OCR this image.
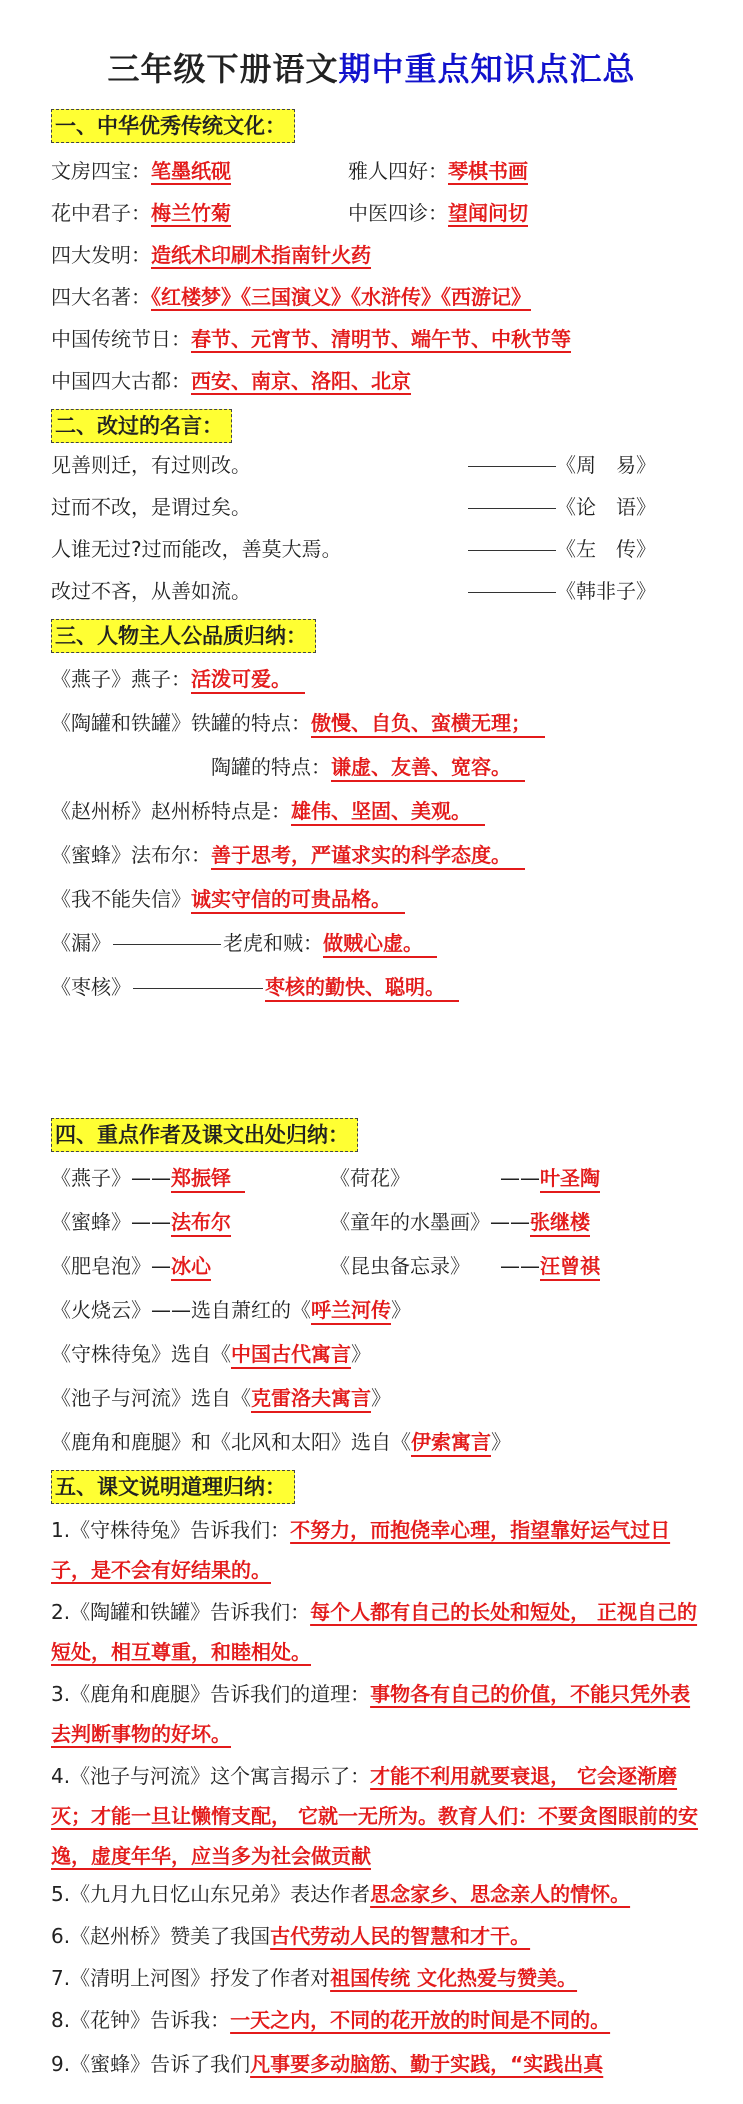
三年级下册语文期中重点知识点汇总
一、中华优秀传统文化：
文房四宝：笔墨纸砚	雅人四好：琴棋书画
花中君子：梅兰竹菊	中医四诊：望闻问切
四大发明：造纸术印刷术指南针火药
四大名著：《红楼梦》《三国演义》《水浒传》《西游记》
中国传统节日：春节、元宵节、清明节、端午节、中秋节等
中国四大古都：西安、南京、洛阳、北京
二、改过的名言：
见善则迁，有过则改。	《周　易》
过而不改，是谓过矣。	《论　语》
人谁无过?过而能改，善莫大焉。	《左　传》
改过不吝，从善如流。	《韩非子》
三、人物主人公品质归纳：
《燕子》燕子：活泼可爱。
《陶罐和铁罐》铁罐的特点：傲慢、自负、蛮横无理；
陶罐的特点：谦虚、友善、宽容。
《赵州桥》赵州桥特点是：雄伟、坚固、美观。
《蜜蜂》法布尔：善于思考，严谨求实的科学态度。
《我不能失信》诚实守信的可贵品格。
《漏》	老虎和贼：做贼心虚。
《枣核》	枣核的勤快、聪明。
四、重点作者及课文出处归纳：
《燕子》——郑振铎	《荷花》	——叶圣陶
《蜜蜂》——法布尔	《童年的水墨画》——张继楼
《肥皂泡》—冰心	《昆虫备忘录》 ——汪曾祺
《火烧云》——选自萧红的《呼兰河传》
《守株待兔》选自《中国古代寓言》
《池子与河流》选自《克雷洛夫寓言》
《鹿角和鹿腿》和《北风和太阳》选自《伊索寓言》
五、课文说明道理归纳：
1.《守株待兔》告诉我们：不努力，而抱侥幸心理，指望靠好运气过日子，是不会有好结果的。
2.《陶罐和铁罐》告诉我们：每个人都有自己的长处和短处， 正视自己的短处，相互尊重，和睦相处。
3.《鹿角和鹿腿》告诉我们的道理：事物各有自己的价值，不能只凭外表去判断事物的好坏。
4.《池子与河流》这个寓言揭示了：才能不利用就要衰退， 它会逐渐磨灭；才能一旦让懒惰支配， 它就一无所为。教育人们：不要贪图眼前的安逸，虚度年华，应当多为社会做贡献
5.《九月九日忆山东兄弟》表达作者思念家乡、思念亲人的情怀。
6.《赵州桥》赞美了我国古代劳动人民的智慧和才干。
7.《清明上河图》抒发了作者对祖国传统 文化热爱与赞美。
8.《花钟》告诉我：一天之内，不同的花开放的时间是不同的。
9.《蜜蜂》告诉了我们凡事要多动脑筋、勤于实践，“实践出真
